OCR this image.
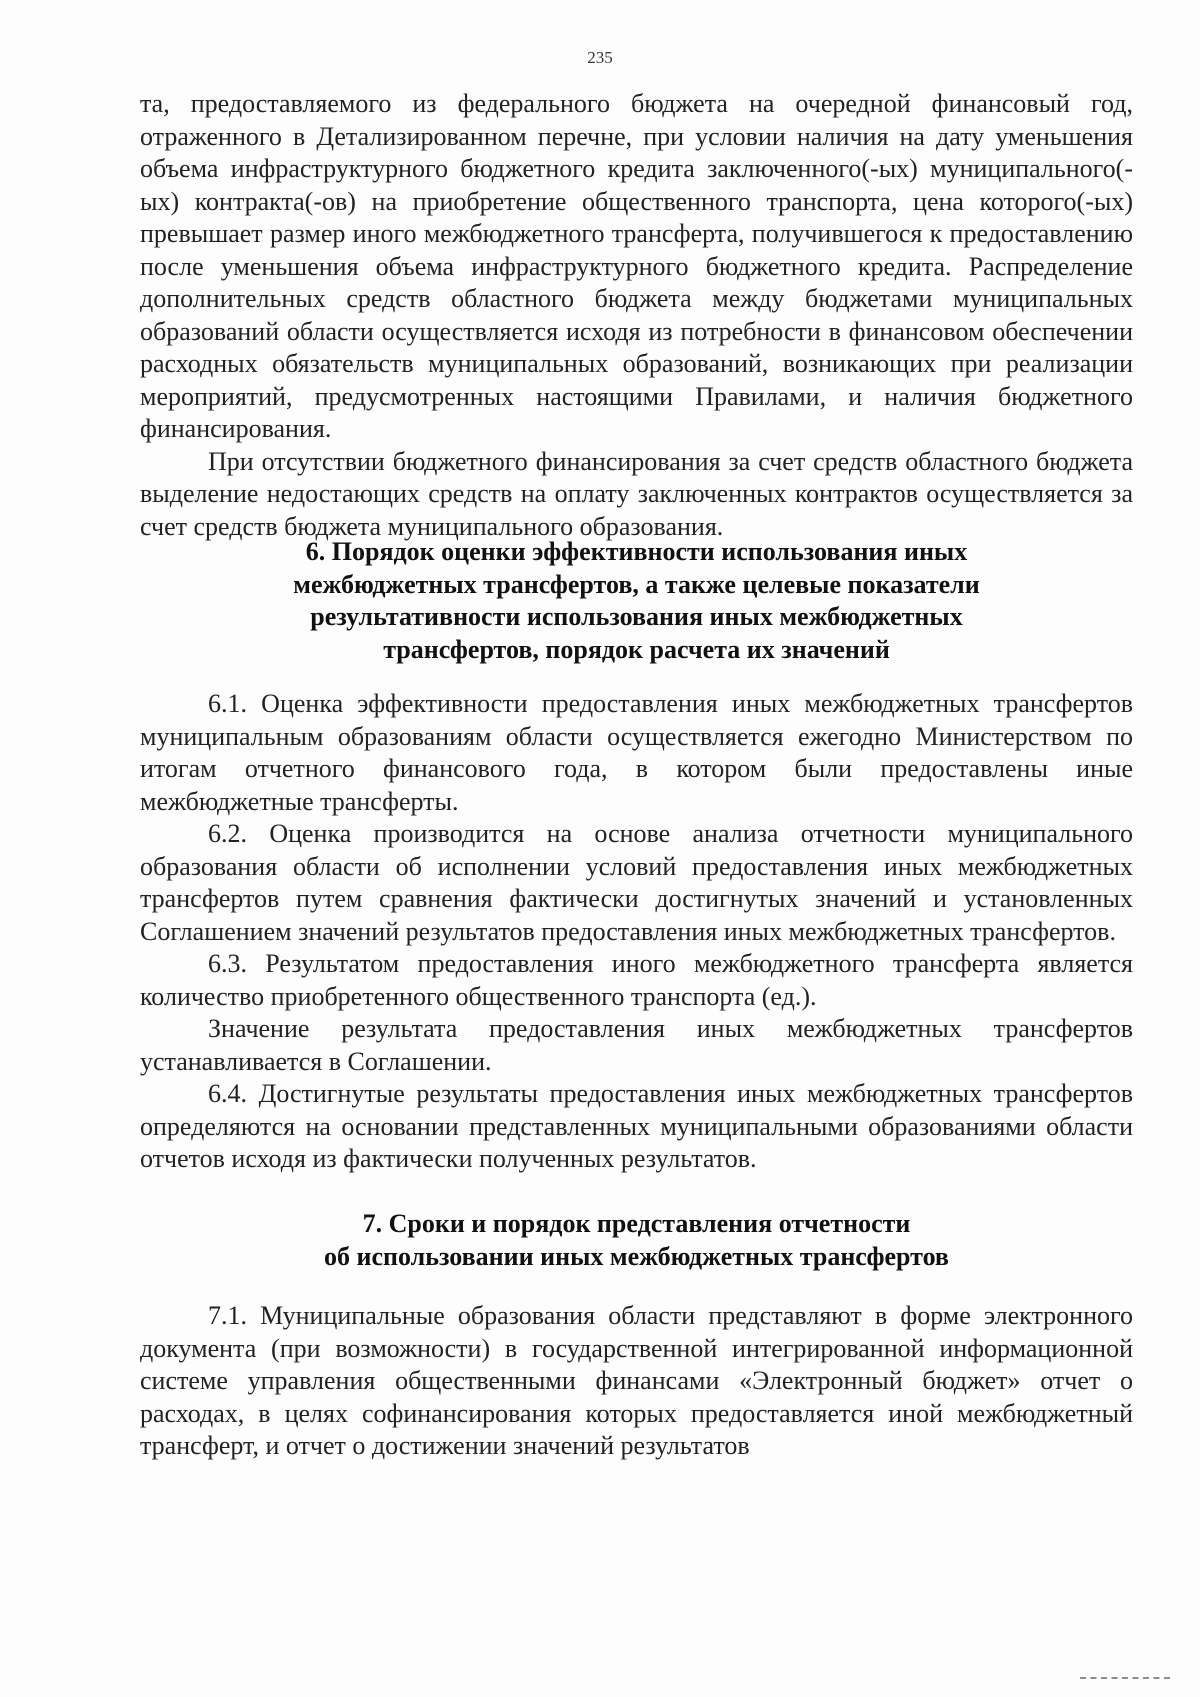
235

та, предоставляемого из федерального бюджета на очередной финансовый год, отраженного в Детализированном перечне, при условии наличия на дату уменьшения объема инфраструктурного бюджетного кредита заключенного(-ых) муниципального(-ых) контракта(-ов) на приобретение общественного транспорта, цена которого(-ых) превышает размер иного межбюджетного трансферта, получившегося к предоставлению после уменьшения объема инфраструктурного бюджетного кредита. Распределение дополнительных средств областного бюджета между бюджетами муниципальных образований области осуществляется исходя из потребности в финансовом обеспечении расходных обязательств муниципальных образований, возникающих при реализации мероприятий, предусмотренных настоящими Правилами, и наличия бюджетного финансирования.

При отсутствии бюджетного финансирования за счет средств областного бюджета выделение недостающих средств на оплату заключенных контрактов осуществляется за счет средств бюджета муниципального образования.

6. Порядок оценки эффективности использования иных

межбюджетных трансфертов, а также целевые показатели

результативности использования иных межбюджетных

трансфертов, порядок расчета их значений

6.1. Оценка эффективности предоставления иных межбюджетных трансфертов муниципальным образованиям области осуществляется ежегодно Министерством по итогам отчетного финансового года, в котором были предоставлены иные межбюджетные трансферты.

6.2. Оценка производится на основе анализа отчетности муниципального образования области об исполнении условий предоставления иных межбюджетных трансфертов путем сравнения фактически достигнутых значений и установленных Соглашением значений результатов предоставления иных межбюджетных трансфертов.

6.3. Результатом предоставления иного межбюджетного трансферта является количество приобретенного общественного транспорта (ед.).

Значение результата предоставления иных межбюджетных трансфертов устанавливается в Соглашении.

6.4. Достигнутые результаты предоставления иных межбюджетных трансфертов определяются на основании представленных муниципальными образованиями области отчетов исходя из фактически полученных результатов.

7. Сроки и порядок представления отчетности

об использовании иных межбюджетных трансфертов

7.1. Муниципальные образования области представляют в форме электронного документа (при возможности) в государственной интегрированной информационной системе управления общественными финансами «Электронный бюджет» отчет о расходах, в целях софинансирования которых предоставляется иной межбюджетный трансферт, и отчет о достижении значений результатов
